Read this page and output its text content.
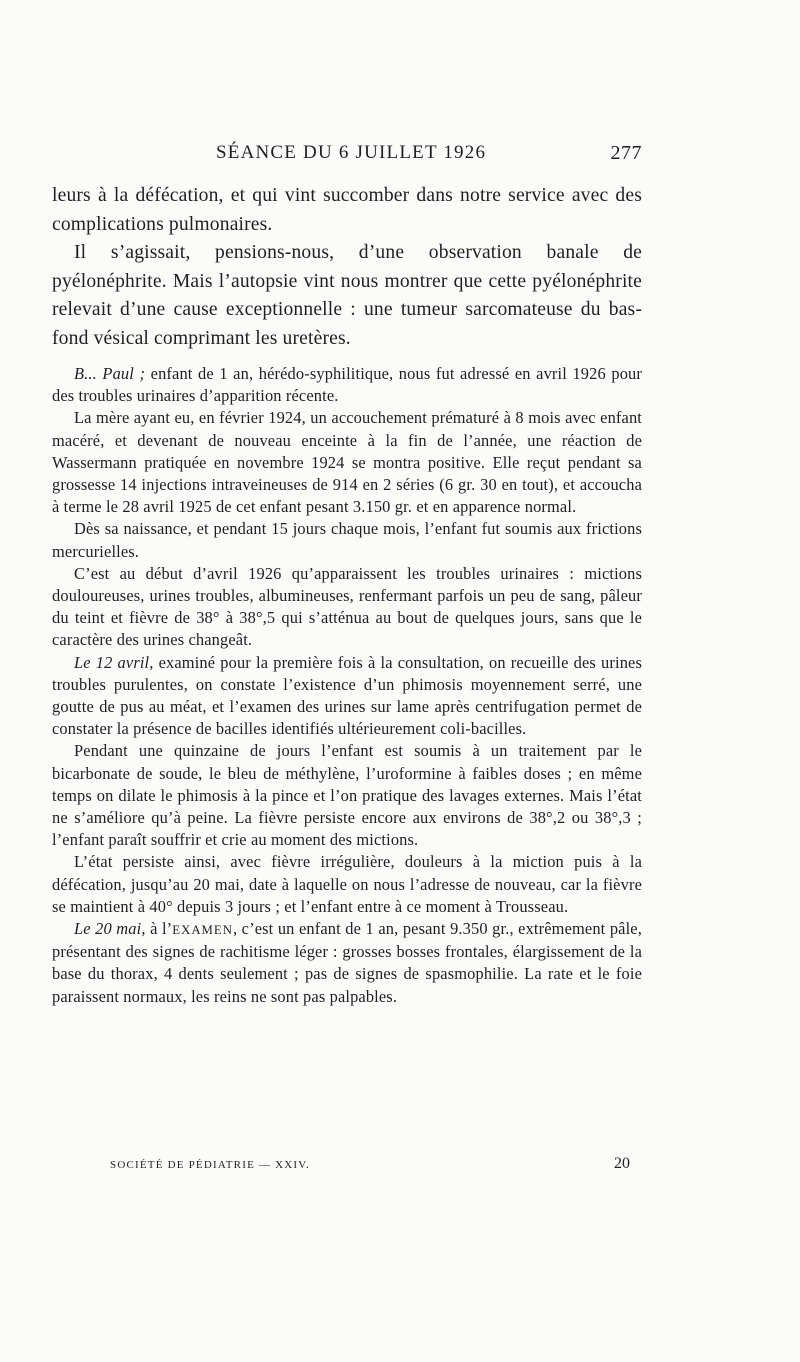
SÉANCE DU 6 JUILLET 1926	277

leurs à la défécation, et qui vint succomber dans notre service avec des complications pulmonaires.

Il s’agissait, pensions-nous, d’une observation banale de pyélonéphrite. Mais l’autopsie vint nous montrer que cette pyélonéphrite relevait d’une cause exceptionnelle : une tumeur sarcomateuse du bas-fond vésical comprimant les uretères.

B... Paul ; enfant de 1 an, hérédo-syphilitique, nous fut adressé en avril 1926 pour des troubles urinaires d’apparition récente.

La mère ayant eu, en février 1924, un accouchement prématuré à 8 mois avec enfant macéré, et devenant de nouveau enceinte à la fin de l’année, une réaction de Wassermann pratiquée en novembre 1924 se montra positive. Elle reçut pendant sa grossesse 14 injections intraveineuses de 914 en 2 séries (6 gr. 30 en tout), et accoucha à terme le 28 avril 1925 de cet enfant pesant 3.150 gr. et en apparence normal.

Dès sa naissance, et pendant 15 jours chaque mois, l’enfant fut soumis aux frictions mercurielles.

C’est au début d’avril 1926 qu’apparaissent les troubles urinaires : mictions douloureuses, urines troubles, albumineuses, renfermant parfois un peu de sang, pâleur du teint et fièvre de 38° à 38°,5 qui s’atténua au bout de quelques jours, sans que le caractère des urines changeât.

Le 12 avril, examiné pour la première fois à la consultation, on recueille des urines troubles purulentes, on constate l’existence d’un phimosis moyennement serré, une goutte de pus au méat, et l’examen des urines sur lame après centrifugation permet de constater la présence de bacilles identifiés ultérieurement coli-bacilles.

Pendant une quinzaine de jours l’enfant est soumis à un traitement par le bicarbonate de soude, le bleu de méthylène, l’uroformine à faibles doses ; en même temps on dilate le phimosis à la pince et l’on pratique des lavages externes. Mais l’état ne s’améliore qu’à peine. La fièvre persiste encore aux environs de 38°,2 ou 38°,3 ; l’enfant paraît souffrir et crie au moment des mictions.

L’état persiste ainsi, avec fièvre irrégulière, douleurs à la miction puis à la défécation, jusqu’au 20 mai, date à laquelle on nous l’adresse de nouveau, car la fièvre se maintient à 40° depuis 3 jours ; et l’enfant entre à ce moment à Trousseau.

Le 20 mai, à l’EXAMEN, c’est un enfant de 1 an, pesant 9.350 gr., extrêmement pâle, présentant des signes de rachitisme léger : grosses bosses frontales, élargissement de la base du thorax, 4 dents seulement ; pas de signes de spasmophilie. La rate et le foie paraissent normaux, les reins ne sont pas palpables.

SOCIÉTÉ DE PÉDIATRIE — XXIV.	20
